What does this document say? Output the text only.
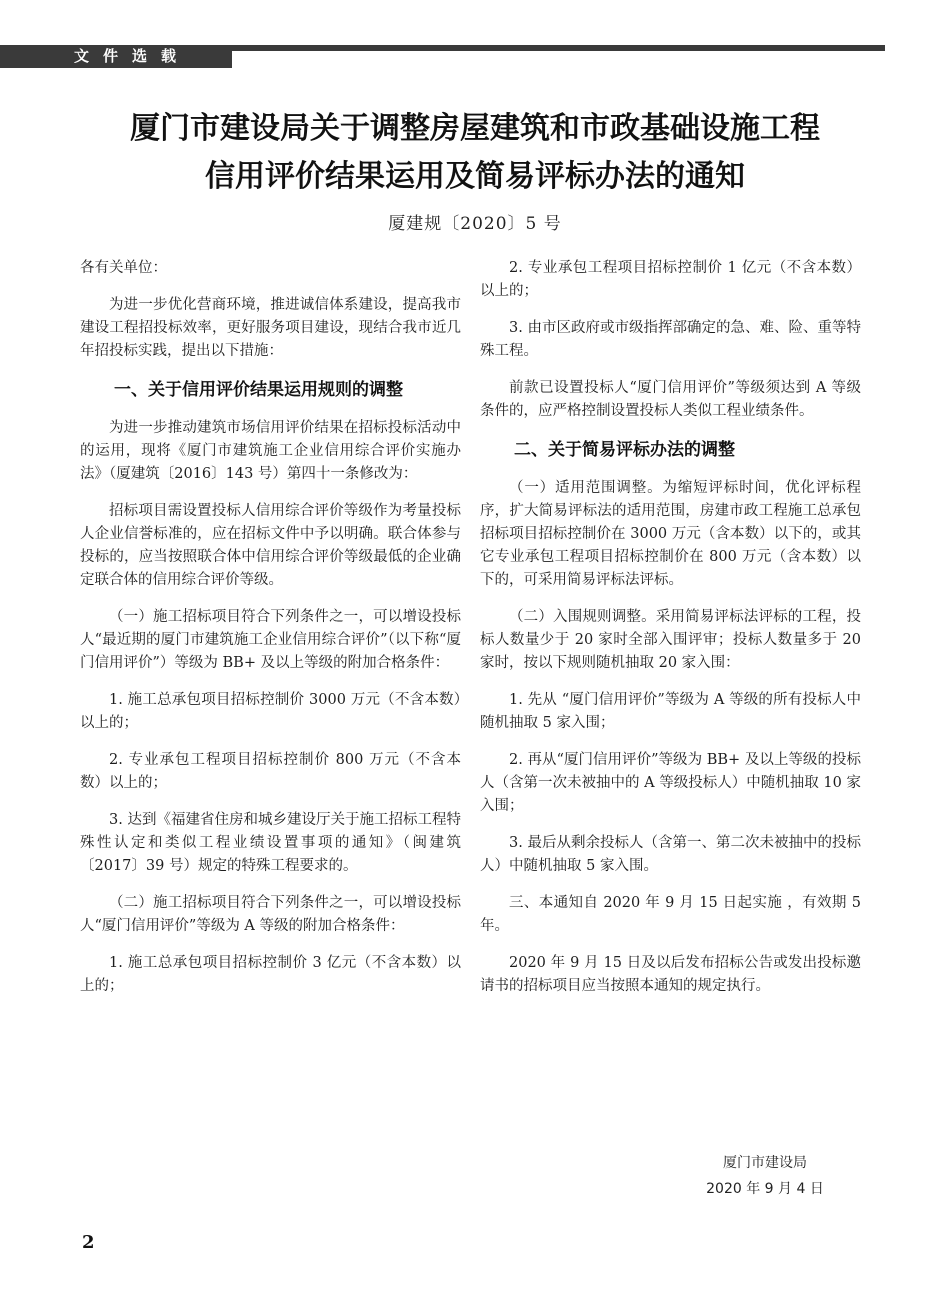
文件选载
厦门市建设局关于调整房屋建筑和市政基础设施工程
信用评价结果运用及简易评标办法的通知
厦建规〔2020〕5 号

各有关单位：

为进一步优化营商环境，推进诚信体系建设，提高我市建设工程招投标效率，更好服务项目建设，现结合我市近几年招投标实践，提出以下措施：

一、关于信用评价结果运用规则的调整

为进一步推动建筑市场信用评价结果在招标投标活动中的运用，现将《厦门市建筑施工企业信用综合评价实施办法》（厦建筑〔2016〕143 号）第四十一条修改为：

招标项目需设置投标人信用综合评价等级作为考量投标人企业信誉标准的，应在招标文件中予以明确。联合体参与投标的，应当按照联合体中信用综合评价等级最低的企业确定联合体的信用综合评价等级。

（一）施工招标项目符合下列条件之一，可以增设投标人“最近期的厦门市建筑施工企业信用综合评价”（以下称“厦门信用评价”）等级为 BB+ 及以上等级的附加合格条件：

1. 施工总承包项目招标控制价 3000 万元（不含本数）以上的；

2. 专业承包工程项目招标控制价 800 万元（不含本数）以上的；

3. 达到《福建省住房和城乡建设厅关于施工招标工程特殊性认定和类似工程业绩设置事项的通知》（闽建筑〔2017〕39 号）规定的特殊工程要求的。

（二）施工招标项目符合下列条件之一，可以增设投标人“厦门信用评价”等级为 A 等级的附加合格条件：

1. 施工总承包项目招标控制价 3 亿元（不含本数）以上的；

2. 专业承包工程项目招标控制价 1 亿元（不含本数）以上的；

3. 由市区政府或市级指挥部确定的急、难、险、重等特殊工程。

前款已设置投标人“厦门信用评价”等级须达到 A 等级条件的，应严格控制设置投标人类似工程业绩条件。

二、关于简易评标办法的调整

（一）适用范围调整。为缩短评标时间，优化评标程序，扩大简易评标法的适用范围，房建市政工程施工总承包招标项目招标控制价在 3000 万元（含本数）以下的，或其它专业承包工程项目招标控制价在 800 万元（含本数）以下的，可采用简易评标法评标。

（二）入围规则调整。采用简易评标法评标的工程，投标人数量少于 20 家时全部入围评审；投标人数量多于 20 家时，按以下规则随机抽取 20 家入围：

1. 先从 “厦门信用评价”等级为 A 等级的所有投标人中随机抽取 5 家入围；

2. 再从“厦门信用评价”等级为 BB+ 及以上等级的投标人（含第一次未被抽中的 A 等级投标人）中随机抽取 10 家入围；

3. 最后从剩余投标人（含第一、第二次未被抽中的投标人）中随机抽取 5 家入围。

三、本通知自 2020 年 9 月 15 日起实施 ，有效期 5 年。

2020 年 9 月 15 日及以后发布招标公告或发出投标邀请书的招标项目应当按照本通知的规定执行。

厦门市建设局
2020 年 9 月 4 日
2
